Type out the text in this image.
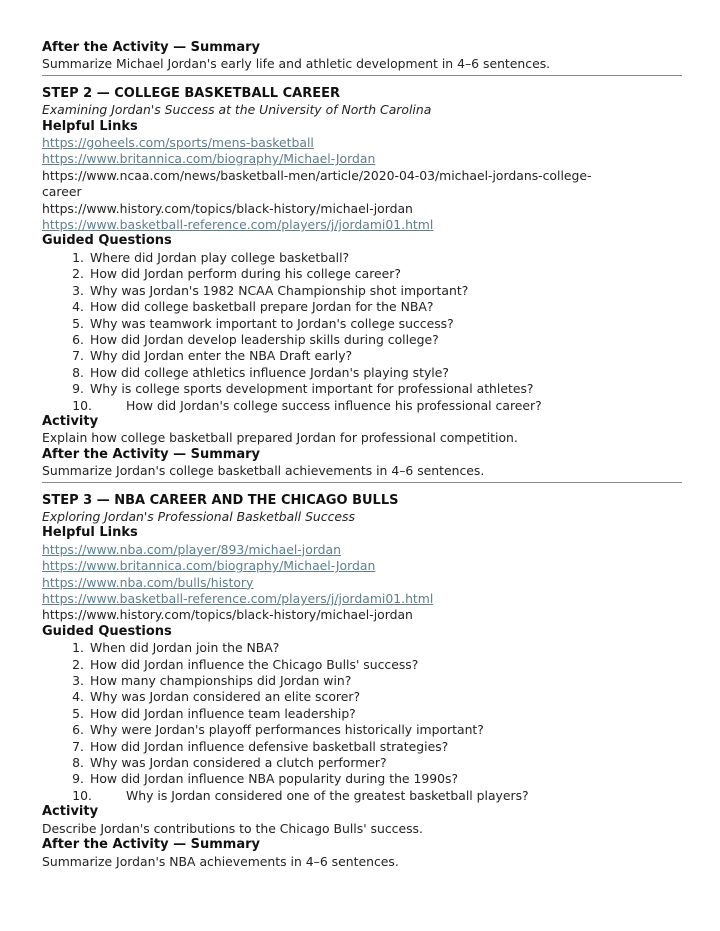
After the Activity — Summary
Summarize Michael Jordan's early life and athletic development in 4–6 sentences.
STEP 2 — COLLEGE BASKETBALL CAREER
Examining Jordan's Success at the University of North Carolina
Helpful Links
https://goheels.com/sports/mens-basketball
https://www.britannica.com/biography/Michael-Jordan
https://www.ncaa.com/news/basketball-men/article/2020-04-03/michael-jordans-college-
career
https://www.history.com/topics/black-history/michael-jordan
https://www.basketball-reference.com/players/j/jordami01.html
Guided Questions
1. Where did Jordan play college basketball?
2. How did Jordan perform during his college career?
3. Why was Jordan's 1982 NCAA Championship shot important?
4. How did college basketball prepare Jordan for the NBA?
5. Why was teamwork important to Jordan's college success?
6. How did Jordan develop leadership skills during college?
7. Why did Jordan enter the NBA Draft early?
8. How did college athletics influence Jordan's playing style?
9. Why is college sports development important for professional athletes?
10.	How did Jordan's college success influence his professional career?
Activity
Explain how college basketball prepared Jordan for professional competition.
After the Activity — Summary
Summarize Jordan's college basketball achievements in 4–6 sentences.
STEP 3 — NBA CAREER AND THE CHICAGO BULLS
Exploring Jordan's Professional Basketball Success
Helpful Links
https://www.nba.com/player/893/michael-jordan
https://www.britannica.com/biography/Michael-Jordan
https://www.nba.com/bulls/history
https://www.basketball-reference.com/players/j/jordami01.html
https://www.history.com/topics/black-history/michael-jordan
Guided Questions
1. When did Jordan join the NBA?
2. How did Jordan influence the Chicago Bulls' success?
3. How many championships did Jordan win?
4. Why was Jordan considered an elite scorer?
5. How did Jordan influence team leadership?
6. Why were Jordan's playoff performances historically important?
7. How did Jordan influence defensive basketball strategies?
8. Why was Jordan considered a clutch performer?
9. How did Jordan influence NBA popularity during the 1990s?
10.	Why is Jordan considered one of the greatest basketball players?
Activity
Describe Jordan's contributions to the Chicago Bulls' success.
After the Activity — Summary
Summarize Jordan's NBA achievements in 4–6 sentences.
